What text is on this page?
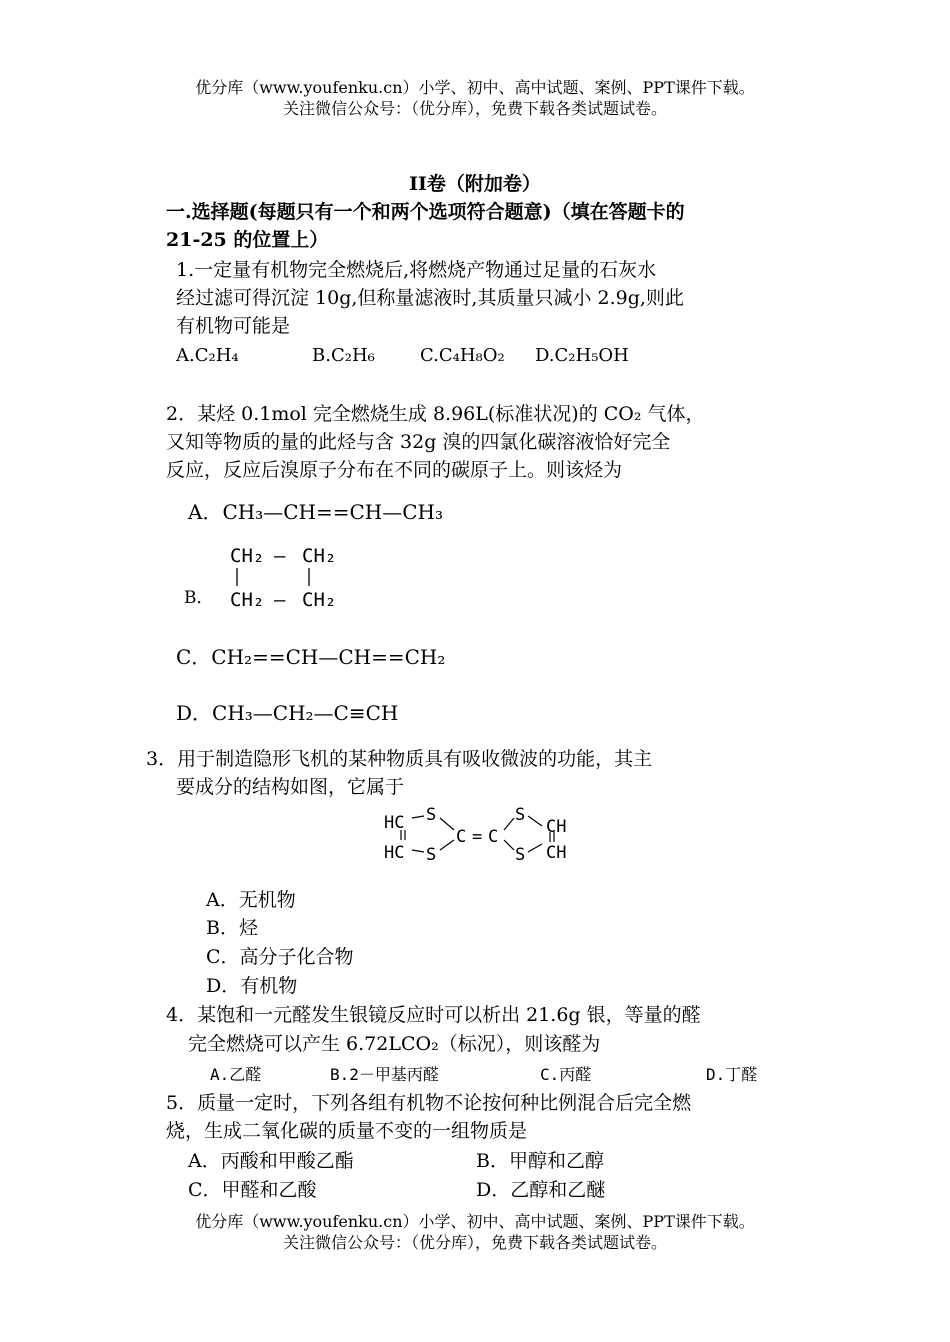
优分库（www.youfenku.cn）小学、初中、高中试题、案例、PPT课件下载。
关注微信公众号：（优分库），免费下载各类试题试卷。
II卷（附加卷）
一.选择题(每题只有一个和两个选项符合题意)（填在答题卡的
21-25 的位置上）
1.一定量有机物完全燃烧后,将燃烧产物通过足量的石灰水
经过滤可得沉淀 10g,但称量滤液时,其质量只减小 2.9g,则此
有机物可能是
A.C₂H₄	B.C₂H₆	C.C₄H₈O₂ D.C₂H₅OH
2．某烃 0.1mol 完全燃烧生成 8.96L(标准状况)的 CO₂ 气体，
又知等物质的量的此烃与含 32g 溴的四氯化碳溶液恰好完全
反应，反应后溴原子分布在不同的碳原子上。则该烃为
A．CH₃—CH==CH—CH₃
B．
CH₂ — CH₂
CH₂ — CH₂
C．CH₂==CH—CH==CH₂
D．CH₃—CH₂—C≡CH
3．用于制造隐形飞机的某种物质具有吸收微波的功能，其主
要成分的结构如图，它属于
HC
HC
S
S
C = C
S
S
CH
CH
A．无机物
B．烃
C．高分子化合物
D．有机物
4．某饱和一元醛发生银镜反应时可以析出 21.6g 银，等量的醛
完全燃烧可以产生 6.72LCO₂（标况），则该醛为
A.乙醛	B.2－甲基丙醛	C.丙醛	D.丁醛
5．质量一定时，下列各组有机物不论按何种比例混合后完全燃
烧，生成二氧化碳的质量不变的一组物质是
A．丙酸和甲酸乙酯	B．甲醇和乙醇
C．甲醛和乙酸	D．乙醇和乙醚
优分库（www.youfenku.cn）小学、初中、高中试题、案例、PPT课件下载。
关注微信公众号：（优分库），免费下载各类试题试卷。
